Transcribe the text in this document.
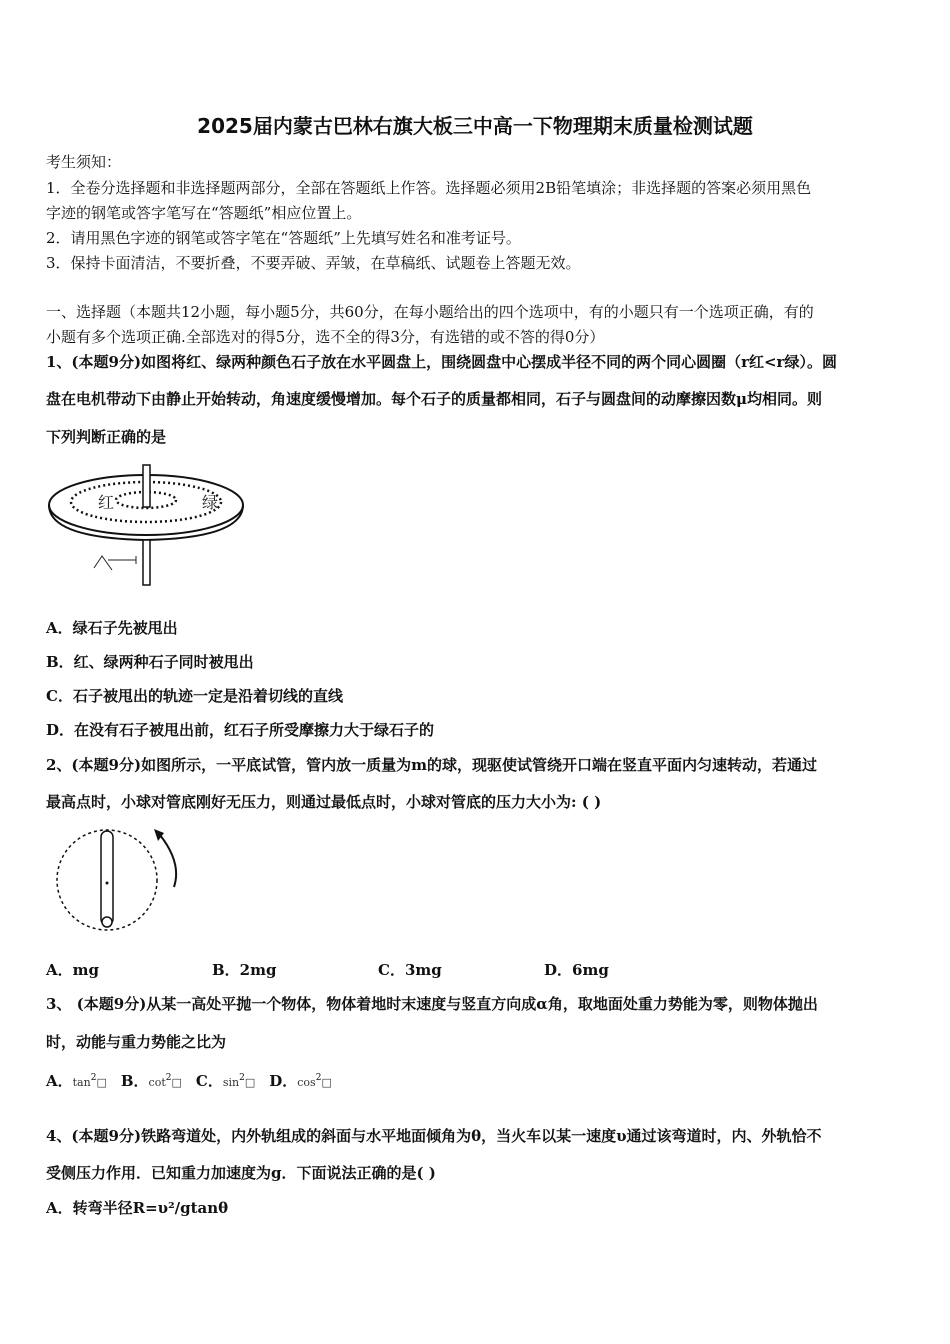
2025届内蒙古巴林右旗大板三中高一下物理期末质量检测试题
考生须知：
1．全卷分选择题和非选择题两部分，全部在答题纸上作答。选择题必须用2B铅笔填涂；非选择题的答案必须用黑色
字迹的钢笔或答字笔写在“答题纸”相应位置上。
2．请用黑色字迹的钢笔或答字笔在“答题纸”上先填写姓名和准考证号。
3．保持卡面清洁，不要折叠，不要弄破、弄皱，在草稿纸、试题卷上答题无效。
一、选择题（本题共12小题，每小题5分，共60分，在每小题给出的四个选项中，有的小题只有一个选项正确，有的
小题有多个选项正确.全部选对的得5分，选不全的得3分，有选错的或不答的得0分）
1、(本题9分)如图将红、绿两种颜色石子放在水平圆盘上，围绕圆盘中心摆成半径不同的两个同心圆圈（r红<r绿）。圆
盘在电机带动下由静止开始转动，角速度缓慢增加。每个石子的质量都相同，石子与圆盘间的动摩擦因数μ均相同。则
下列判断正确的是
红	绿
A．绿石子先被甩出
B．红、绿两种石子同时被甩出
C．石子被甩出的轨迹一定是沿着切线的直线
D．在没有石子被甩出前，红石子所受摩擦力大于绿石子的
2、(本题9分)如图所示，一平底试管，管内放一质量为m的球，现驱使试管绕开口端在竖直平面内匀速转动，若通过
最高点时，小球对管底刚好无压力，则通过最低点时，小球对管底的压力大小为: ( )
A．mg	B．2mg	C．3mg	D．6mg
3、 (本题9分)从某一高处平抛一个物体，物体着地时末速度与竖直方向成α角，取地面处重力势能为零，则物体抛出
时，动能与重力势能之比为
A．$\tan^2□$ B．$\cot^2□$ C．$\sin^2□$ D．$\cos^2□$
4、(本题9分)铁路弯道处，内外轨组成的斜面与水平地面倾角为θ，当火车以某一速度υ通过该弯道时，内、外轨恰不
受侧压力作用．已知重力加速度为g．下面说法正确的是( )
A．转弯半径R=υ²/gtanθ
